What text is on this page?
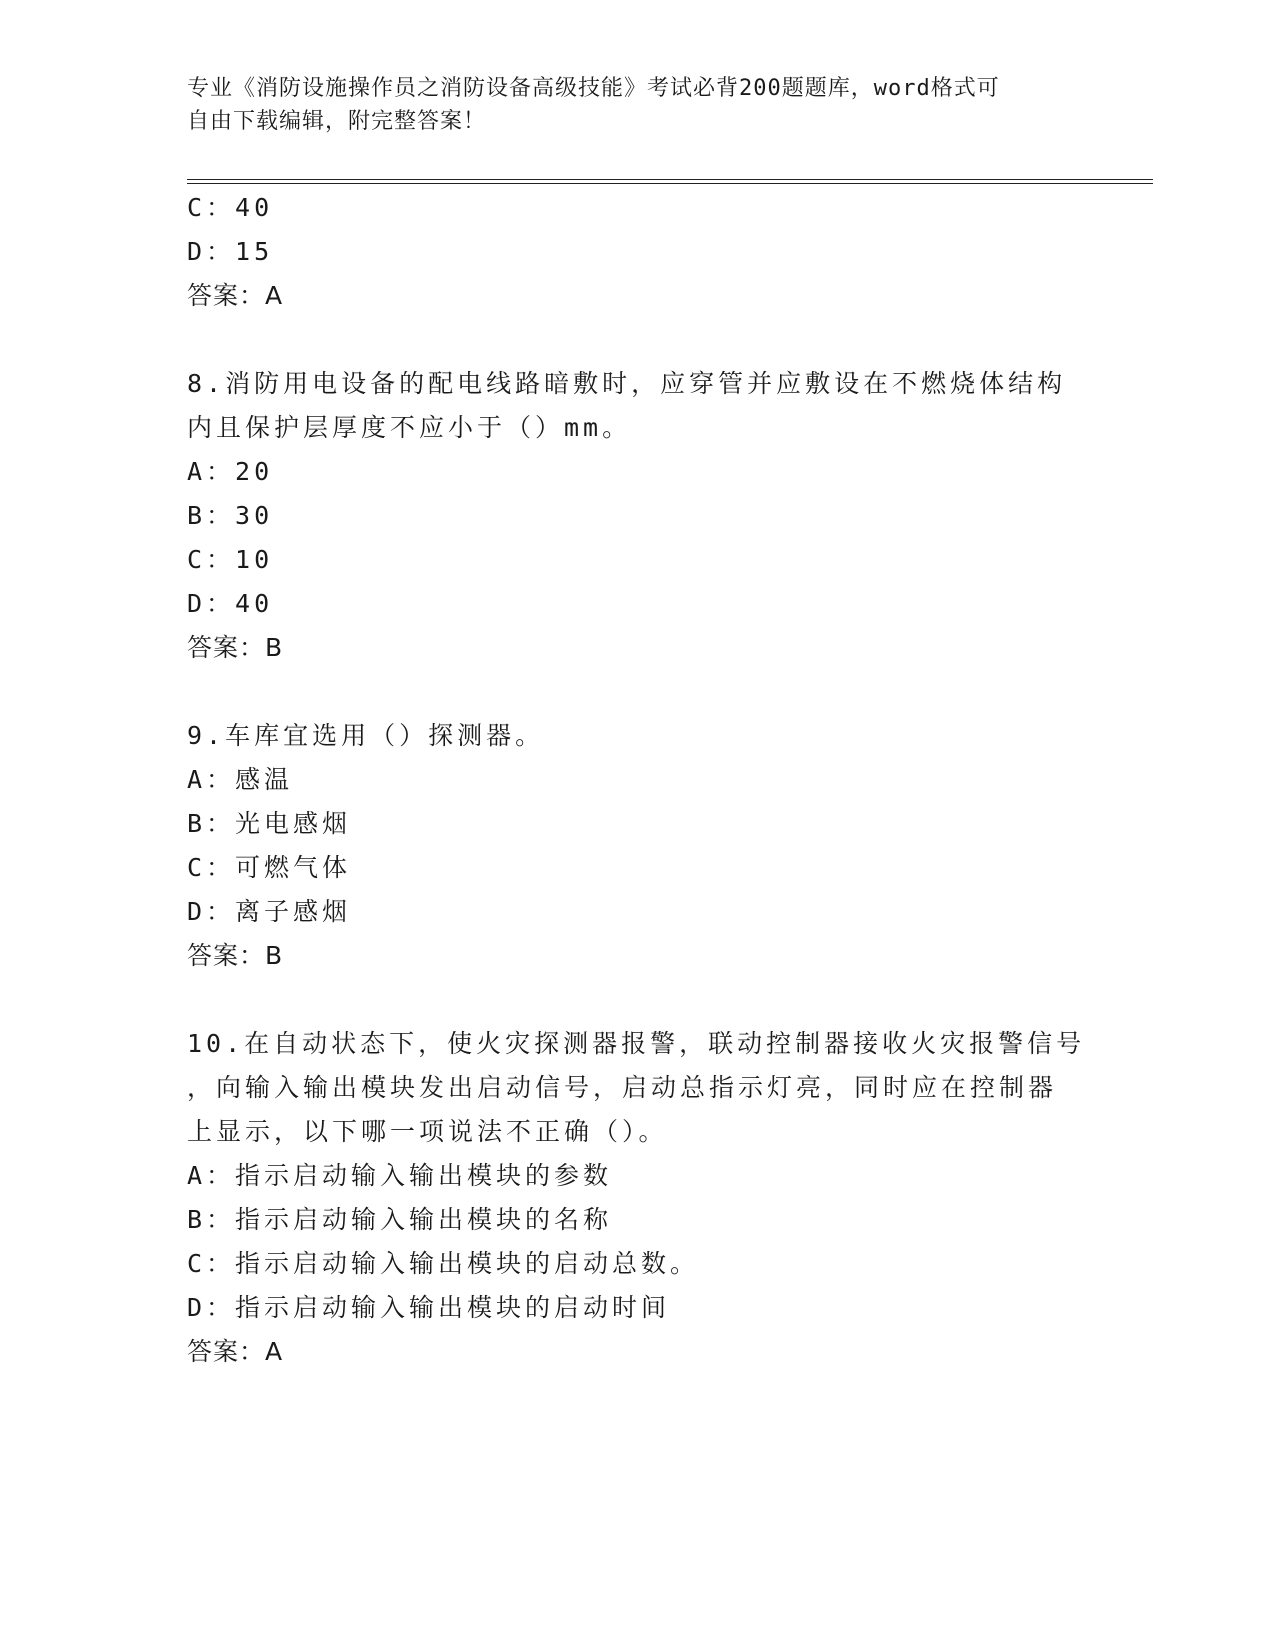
专业《消防设施操作员之消防设备高级技能》考试必背200题题库，word格式可
自由下载编辑，附完整答案！
C：40
D：15
答案：A
8.消防用电设备的配电线路暗敷时，应穿管并应敷设在不燃烧体结构
内且保护层厚度不应小于（）mm。
A：20
B：30
C：10
D：40
答案：B
9.车库宜选用（）探测器。
A：感温
B：光电感烟
C：可燃气体
D：离子感烟
答案：B
10.在自动状态下，使火灾探测器报警，联动控制器接收火灾报警信号
，向输入输出模块发出启动信号，启动总指示灯亮，同时应在控制器
上显示，以下哪一项说法不正确（）。
A：指示启动输入输出模块的参数
B：指示启动输入输出模块的名称
C：指示启动输入输出模块的启动总数。
D：指示启动输入输出模块的启动时间
答案：A
